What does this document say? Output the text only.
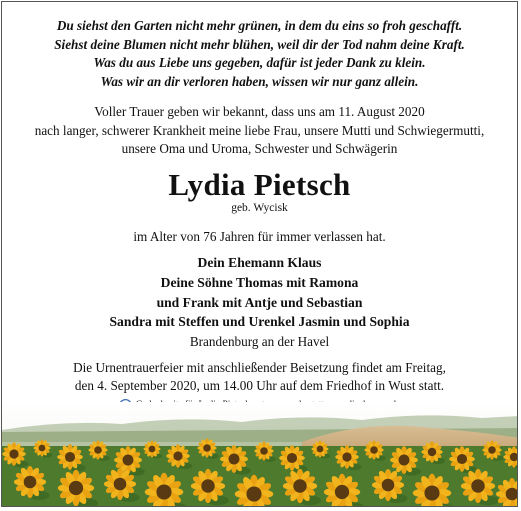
Du siehst den Garten nicht mehr grünen, in dem du eins so froh geschafft.
Siehst deine Blumen nicht mehr blühen, weil dir der Tod nahm deine Kraft.
Was du aus Liebe uns gegeben, dafür ist jeder Dank zu klein.
Was wir an dir verloren haben, wissen wir nur ganz allein.
Voller Trauer geben wir bekannt, dass uns am 11. August 2020
nach langer, schwerer Krankheit meine liebe Frau, unsere Mutti und Schwiegermutti,
unsere Oma und Uroma, Schwester und Schwägerin
Lydia Pietsch
geb. Wycisk
im Alter von 76 Jahren für immer verlassen hat.
Dein Ehemann Klaus
Deine Söhne Thomas mit Ramona
und Frank mit Antje und Sebastian
Sandra mit Steffen und Urenkel Jasmin und Sophia
Brandenburg an der Havel
Die Urnentrauerfeier mit anschließender Beisetzung findet am Freitag,
den 4. September 2020, um 14.00 Uhr auf dem Friedhof in Wust statt.
